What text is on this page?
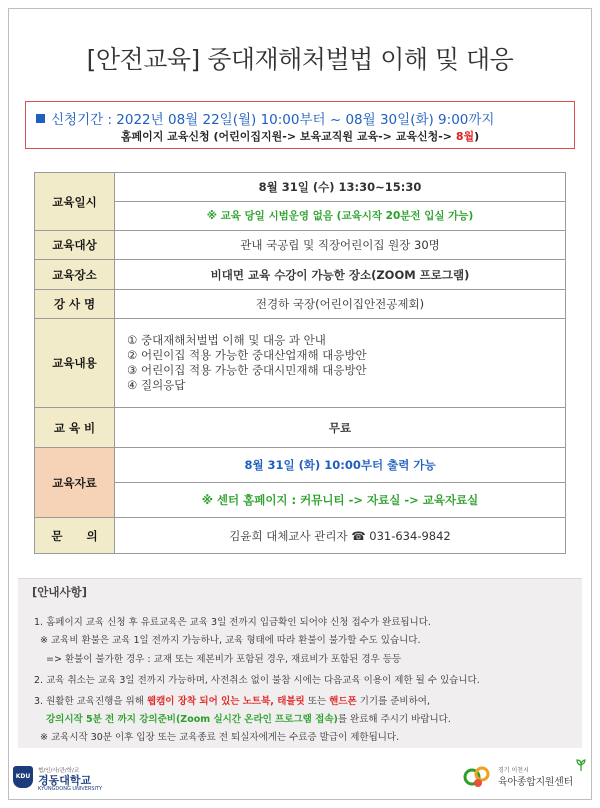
[안전교육] 중대재해처벌법 이해 및 대응
신청기간 : 2022년 08월 22일(월) 10:00부터 ~ 08월 30일(화) 9:00까지
홈페이지 교육신청 (어린이집지원-> 보육교직원 교육-> 교육신청-> 8월)
교육일시	8월 31일 (수) 13:30~15:30
※ 교육 당일 시범운영 없음 (교육시작 20분전 입실 가능)

교육대상	관내 국공립 및 직장어린이집 원장 30명
교육장소	비대면 교육 수강이 가능한 장소(ZOOM 프로그램)
강 사 명	전경하 국장(어린이집안전공제회)
교육내용	① 중대재해처벌법 이해 및 대응 과 안내
② 어린이집 적용 가능한 중대산업재해 대응방안
③ 어린이집 적용 가능한 중대시민재해 대응방안
④ 질의응답

교 육 비	무료
교육자료	8월 31일 (화) 10:00부터 출력 가능
※ 센터 홈페이지 : 커뮤니티 -> 자료실 -> 교육자료실

문      의	김윤희 대체교사 관리자 ☎ 031-634-9842
[안내사항]
1. 홈페이지 교육 신청 후 유료교육은 교육 3일 전까지 입금확인 되어야 신청 접수가 완료됩니다.
※ 교육비 환불은 교육 1일 전까지 가능하나, 교육 형태에 따라 환불이 불가할 수도 있습니다.
=> 환불이 불가한 경우 : 교재 또는 제본비가 포함된 경우, 재료비가 포함된 경우 등등
2. 교육 취소는 교육 3일 전까지 가능하며, 사전취소 없이 불참 시에는 다음교육 이용이 제한 될 수 있습니다.
3. 원활한 교육진행을 위해 웹캠이 장착 되어 있는 노트북, 태블릿 또는 핸드폰 기기를 준비하여,
강의시작 5분 전 까지 강의준비(Zoom 실시간 온라인 프로그램 접속)를 완료해 주시기 바랍니다.
※ 교육시작 30분 이후 입장 또는 교육종료 전 퇴실자에게는 수료증 발급이 제한됩니다.
KDU
협/인/사/관/학/교
경동대학교
KYUNGDONG UNIVERSITY
경기 이천시
육아종합지원센터
